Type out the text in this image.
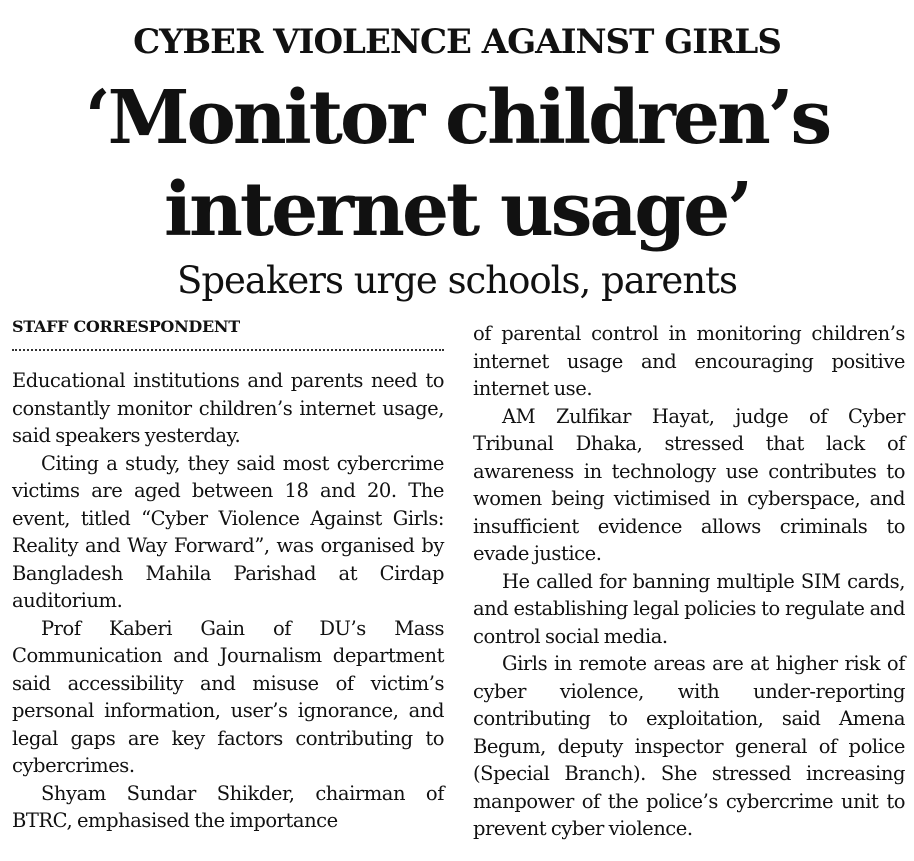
CYBER VIOLENCE AGAINST GIRLS
‘Monitor children’s
internet usage’
Speakers urge schools, parents
STAFF CORRESPONDENT

Educational institutions and parents need to constantly monitor children’s internet usage, said speakers yesterday.

Citing a study, they said most cybercrime victims are aged between 18 and 20. The event, titled “Cyber Violence Against Girls: Reality and Way Forward”, was organised by Bangladesh Mahila Parishad at Cirdap auditorium.

Prof Kaberi Gain of DU’s Mass Communication and Journalism department said accessibility and misuse of victim’s personal information, user’s ignorance, and legal gaps are key factors contributing to cybercrimes.

Shyam Sundar Shikder, chairman of BTRC, emphasised the importance

of parental control in monitoring children’s internet usage and encouraging positive internet use.

AM Zulfikar Hayat, judge of Cyber Tribunal Dhaka, stressed that lack of awareness in technology use contributes to women being victimised in cyberspace, and insufficient evidence allows criminals to evade justice.

He called for banning multiple SIM cards, and establishing legal policies to regulate and control social media.

Girls in remote areas are at higher risk of cyber violence, with under-reporting contributing to exploitation, said Amena Begum, deputy inspector general of police (Special Branch). She stressed increasing manpower of the police’s cybercrime unit to prevent cyber violence.
